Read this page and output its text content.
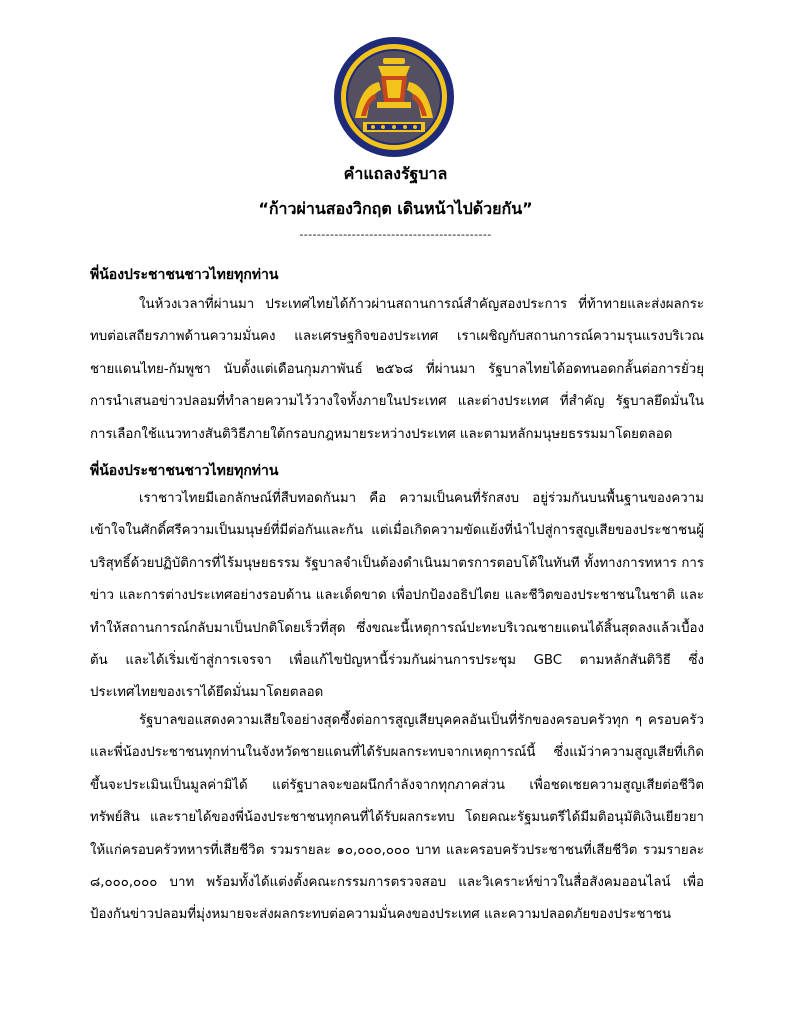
คำแถลงรัฐบาล
“ก้าวผ่านสองวิกฤต เดินหน้าไปด้วยกัน”
--------------------------------------------
พี่น้องประชาชนชาวไทยทุกท่าน

ในห้วงเวลาที่ผ่านมา ประเทศไทยได้ก้าวผ่านสถานการณ์สำคัญสองประการ ที่ท้าทายและส่งผลกระทบต่อเสถียรภาพด้านความมั่นคง และเศรษฐกิจของประเทศ เราเผชิญกับสถานการณ์ความรุนแรงบริเวณชายแดนไทย-กัมพูชา นับตั้งแต่เดือนกุมภาพันธ์ ๒๕๖๘ ที่ผ่านมา รัฐบาลไทยได้อดทนอดกลั้นต่อการยั่วยุ การนำเสนอข่าวปลอมที่ทำลายความไว้วางใจทั้งภายในประเทศ และต่างประเทศ ที่สำคัญ รัฐบาลยึดมั่นในการเลือกใช้แนวทางสันติวิธีภายใต้กรอบกฎหมายระหว่างประเทศ และตามหลักมนุษยธรรมมาโดยตลอด

พี่น้องประชาชนชาวไทยทุกท่าน

เราชาวไทยมีเอกลักษณ์ที่สืบทอดกันมา คือ ความเป็นคนที่รักสงบ อยู่ร่วมกันบนพื้นฐานของความเข้าใจในศักดิ์ศรีความเป็นมนุษย์ที่มีต่อกันและกัน แต่เมื่อเกิดความขัดแย้งที่นำไปสู่การสูญเสียของประชาชนผู้บริสุทธิ์ด้วยปฏิบัติการที่ไร้มนุษยธรรม รัฐบาลจำเป็นต้องดำเนินมาตรการตอบโต้ในทันที ทั้งทางการทหาร การข่าว และการต่างประเทศอย่างรอบด้าน และเด็ดขาด เพื่อปกป้องอธิปไตย และชีวิตของประชาชนในชาติ และทำให้สถานการณ์กลับมาเป็นปกติโดยเร็วที่สุด ซึ่งขณะนี้เหตุการณ์ปะทะบริเวณชายแดนได้สิ้นสุดลงแล้วเบื้องต้น และได้เริ่มเข้าสู่การเจรจา เพื่อแก้ไขปัญหานี้ร่วมกันผ่านการประชุม GBC ตามหลักสันติวิธี ซึ่งประเทศไทยของเราได้ยึดมั่นมาโดยตลอด

รัฐบาลขอแสดงความเสียใจอย่างสุดซึ้งต่อการสูญเสียบุคคลอันเป็นที่รักของครอบครัวทุก ๆ ครอบครัว และพี่น้องประชาชนทุกท่านในจังหวัดชายแดนที่ได้รับผลกระทบจากเหตุการณ์นี้ ซึ่งแม้ว่าความสูญเสียที่เกิดขึ้นจะประเมินเป็นมูลค่ามิได้ แต่รัฐบาลจะขอผนึกกำลังจากทุกภาคส่วน เพื่อชดเชยความสูญเสียต่อชีวิต ทรัพย์สิน และรายได้ของพี่น้องประชาชนทุกคนที่ได้รับผลกระทบ โดยคณะรัฐมนตรีได้มีมติอนุมัติเงินเยียวยาให้แก่ครอบครัวทหารที่เสียชีวิต รวมรายละ ๑๐,๐๐๐,๐๐๐ บาท และครอบครัวประชาชนที่เสียชีวิต รวมรายละ ๘,๐๐๐,๐๐๐ บาท พร้อมทั้งได้แต่งตั้งคณะกรรมการตรวจสอบ และวิเคราะห์ข่าวในสื่อสังคมออนไลน์ เพื่อป้องกันข่าวปลอมที่มุ่งหมายจะส่งผลกระทบต่อความมั่นคงของประเทศ และความปลอดภัยของประชาชน
